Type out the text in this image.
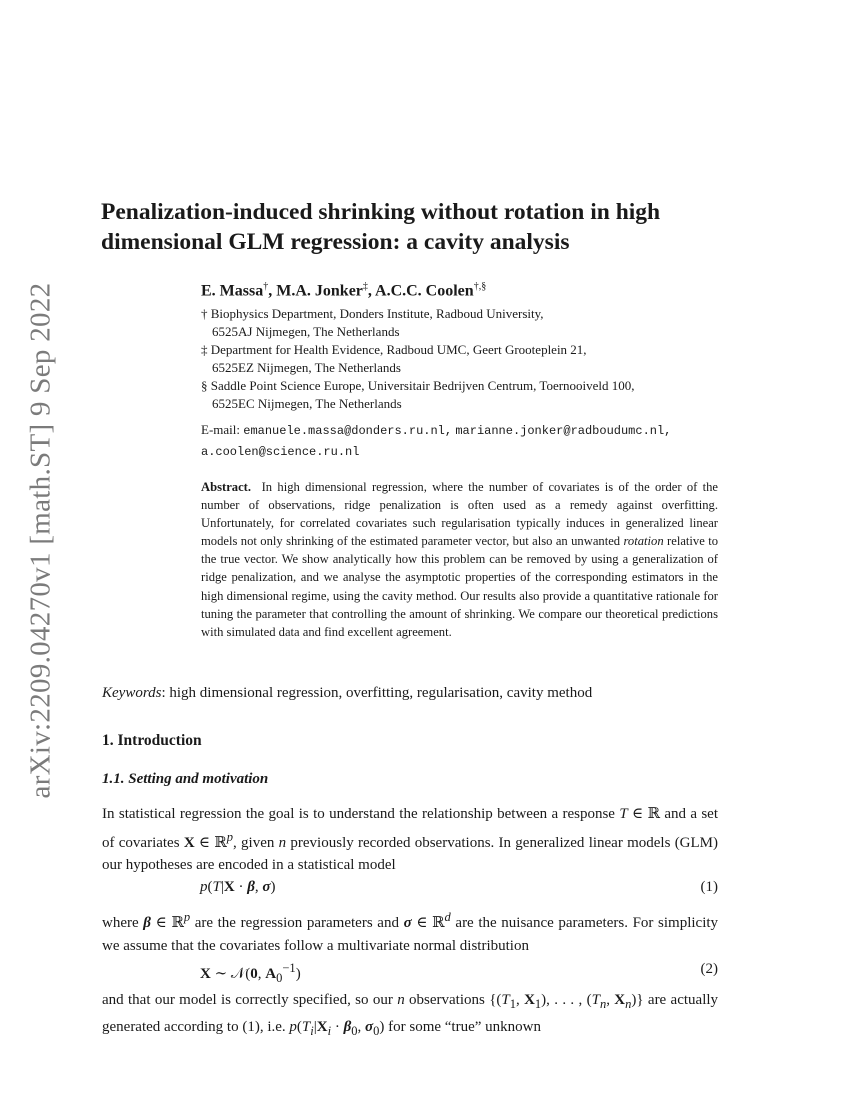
arXiv:2209.04270v1 [math.ST] 9 Sep 2022
Penalization-induced shrinking without rotation in high dimensional GLM regression: a cavity analysis

E. Massa†, M.A. Jonker‡, A.C.C. Coolen†,§

† Biophysics Department, Donders Institute, Radboud University,
6525AJ Nijmegen, The Netherlands

‡ Department for Health Evidence, Radboud UMC, Geert Grooteplein 21,
6525EZ Nijmegen, The Netherlands

§ Saddle Point Science Europe, Universitair Bedrijven Centrum, Toernooiveld 100,
6525EC Nijmegen, The Netherlands

E-mail: emanuele.massa@donders.ru.nl, marianne.jonker@radboudumc.nl,
a.coolen@science.ru.nl

Abstract. In high dimensional regression, where the number of covariates is of the order of the number of observations, ridge penalization is often used as a remedy against overfitting. Unfortunately, for correlated covariates such regularisation typically induces in generalized linear models not only shrinking of the estimated parameter vector, but also an unwanted rotation relative to the true vector. We show analytically how this problem can be removed by using a generalization of ridge penalization, and we analyse the asymptotic properties of the corresponding estimators in the high dimensional regime, using the cavity method. Our results also provide a quantitative rationale for tuning the parameter that controlling the amount of shrinking. We compare our theoretical predictions with simulated data and find excellent agreement.

Keywords: high dimensional regression, overfitting, regularisation, cavity method

1. Introduction
1.1. Setting and motivation

In statistical regression the goal is to understand the relationship between a response T ∈ ℝ and a set of covariates X ∈ ℝ$^p$, given n previously recorded observations. In generalized linear models (GLM) our hypotheses are encoded in a statistical model

p(T|X · β, σ)	(1)

where β ∈ ℝ$^p$ are the regression parameters and σ ∈ ℝ$^d$ are the nuisance parameters. For simplicity we assume that the covariates follow a multivariate normal distribution

X ∼ 𝒩(0, $A_0^{-1}$)	(2)

and that our model is correctly specified, so our n observations {($T_1$, $X_1$), . . . , ($T_n$, $X_n$)} are actually generated according to (1), i.e. $p(T_i|X_i \cdot \beta_0$, $\sigma_0$) for some “true” unknown
